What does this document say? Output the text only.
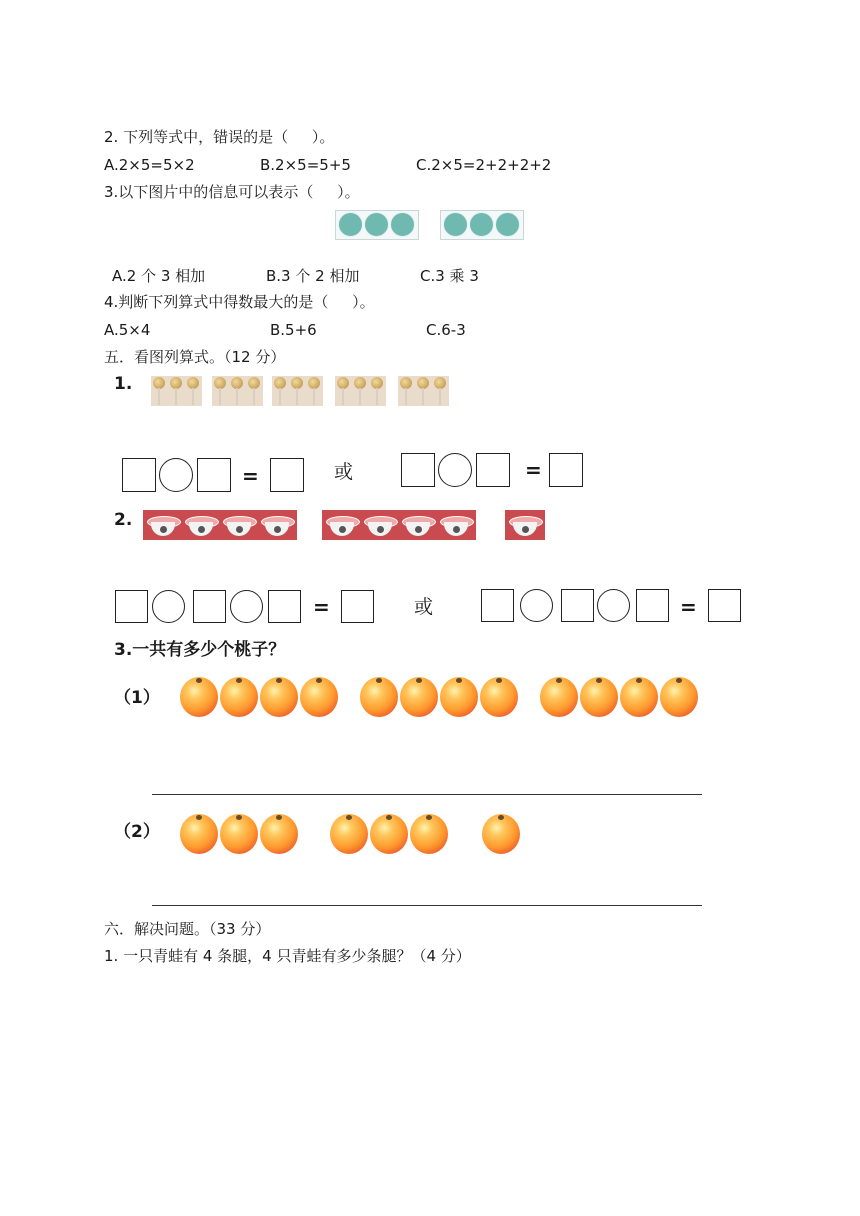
2. 下列等式中，错误的是（     ）。
A.2×5=5×2	B.2×5=5+5	C.2×5=2+2+2+2
3.以下图片中的信息可以表示（     ）。
A.2 个 3 相加	B.3 个 2 相加	C.3 乘 3
4.判断下列算式中得数最大的是（     ）。
A.5×4	B.5+6	C.6-3
五．看图列算式。（12 分）
1.
=	或	=
2.
=	或	=
3.一共有多少个桃子？
（1）
（2）
六．解决问题。（33 分）
1. 一只青蛙有 4 条腿，4 只青蛙有多少条腿？（4 分）
